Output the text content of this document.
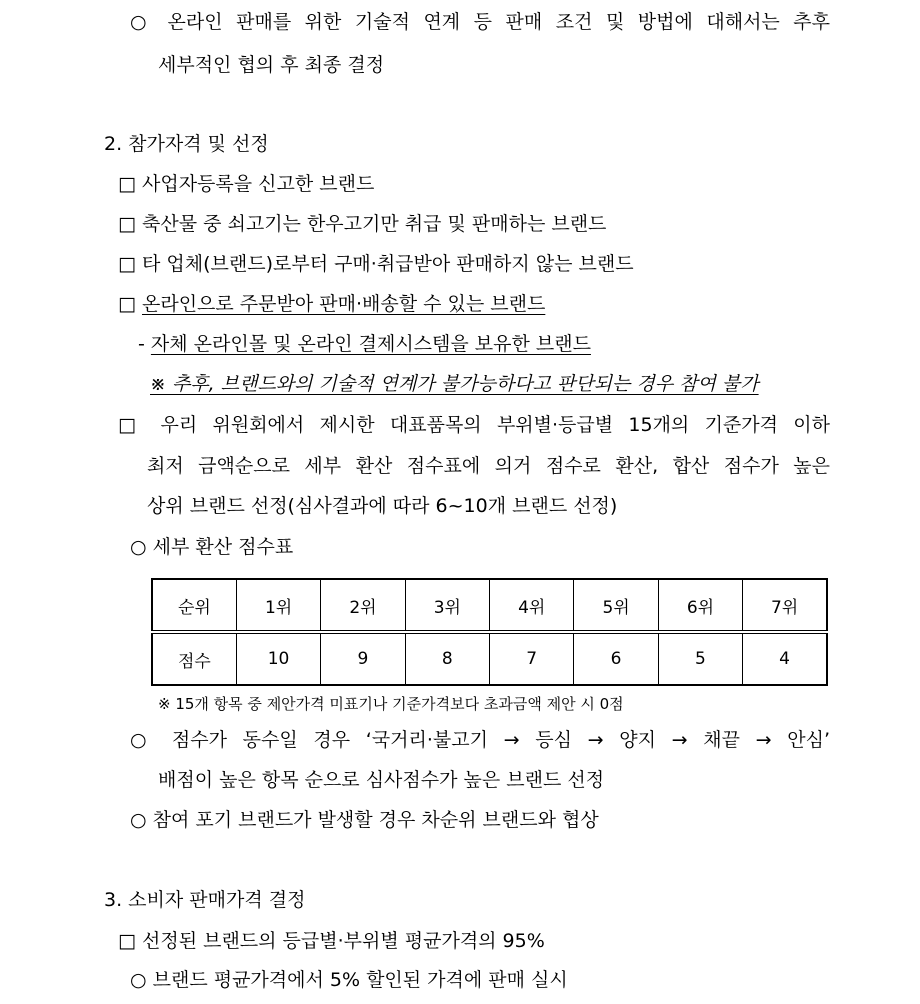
○ 온라인 판매를 위한 기술적 연계 등 판매 조건 및 방법에 대해서는 추후
세부적인 협의 후 최종 결정
2. 참가자격 및 선정
□ 사업자등록을 신고한 브랜드
□ 축산물 중 쇠고기는 한우고기만 취급 및 판매하는 브랜드
□ 타 업체(브랜드)로부터 구매·취급받아 판매하지 않는 브랜드
□ 온라인으로 주문받아 판매·배송할 수 있는 브랜드
- 자체 온라인몰 및 온라인 결제시스템을 보유한 브랜드
※ 추후, 브랜드와의 기술적 연계가 불가능하다고 판단되는 경우 참여 불가
□ 우리 위원회에서 제시한 대표품목의 부위별·등급별 15개의 기준가격 이하
최저 금액순으로 세부 환산 점수표에 의거 점수로 환산, 합산 점수가 높은
상위 브랜드 선정(심사결과에 따라 6~10개 브랜드 선정)
○ 세부 환산 점수표
순위	1위	2위	3위	4위	5위	6위	7위
점수	10	9	8	7	6	5	4
※ 15개 항목 중 제안가격 미표기나 기준가격보다 초과금액 제안 시 0점
○ 점수가 동수일 경우 ‘국거리·불고기 → 등심 → 양지 → 채끝 → 안심’
배점이 높은 항목 순으로 심사점수가 높은 브랜드 선정
○ 참여 포기 브랜드가 발생할 경우 차순위 브랜드와 협상
3. 소비자 판매가격 결정
□ 선정된 브랜드의 등급별·부위별 평균가격의 95%
○ 브랜드 평균가격에서 5% 할인된 가격에 판매 실시
